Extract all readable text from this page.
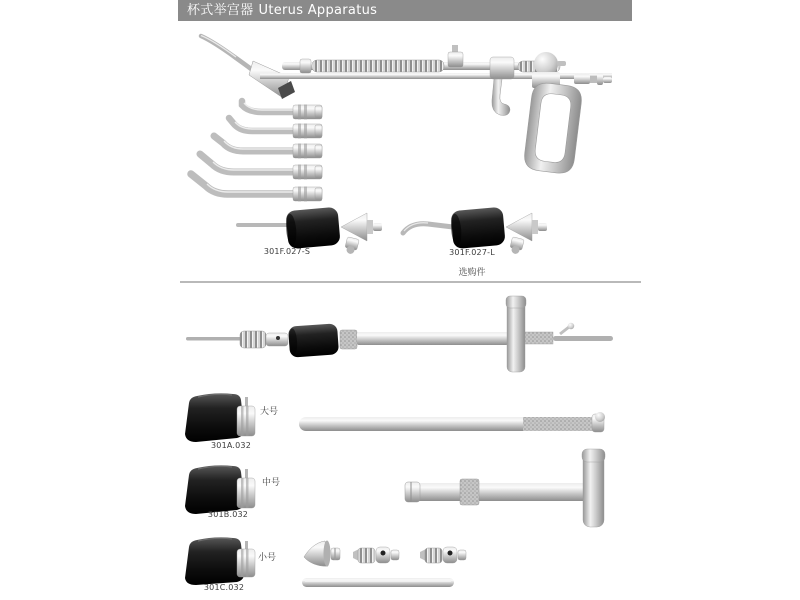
杯式举宫器 Uterus Apparatus
301F.027-S	301F.027-L
选购件
大号
301A.032
中号
301B.032
小号
301C.032
